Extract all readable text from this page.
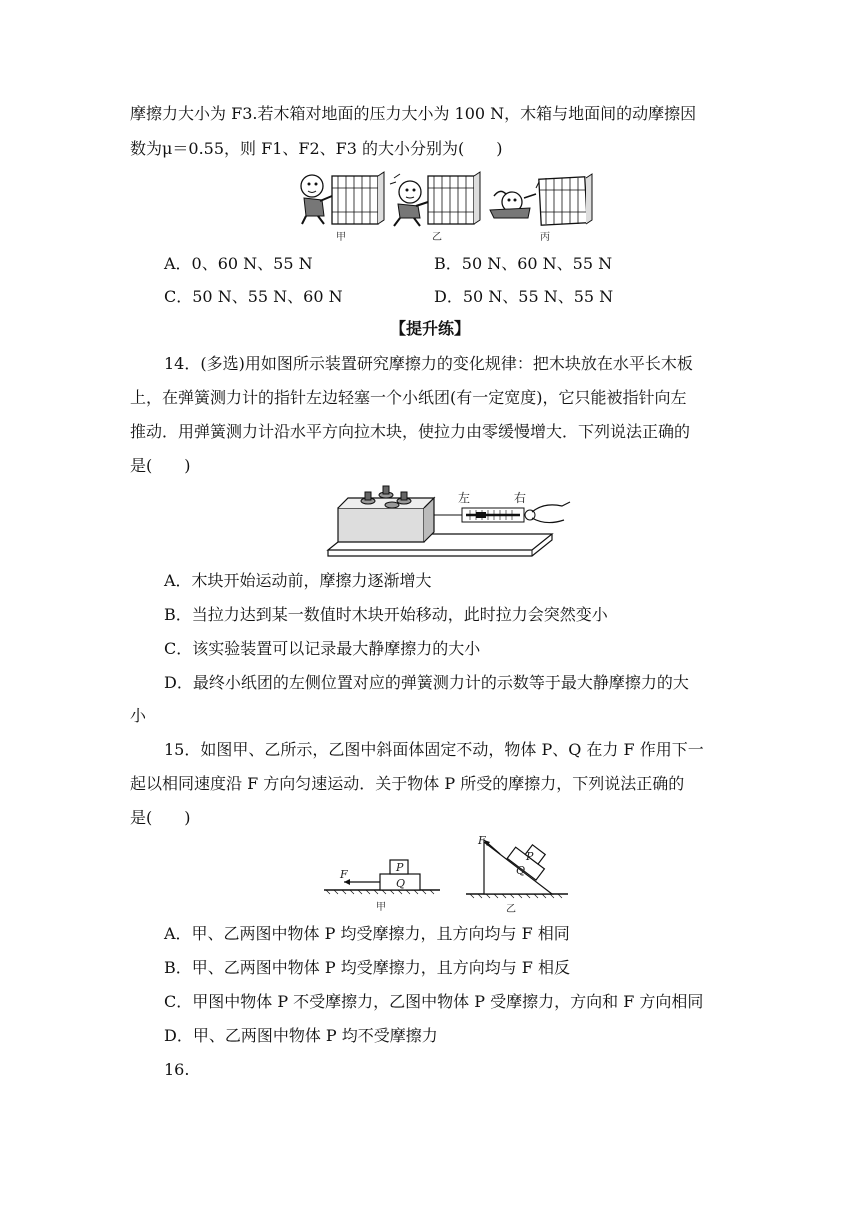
摩擦力大小为 F3.若木箱对地面的压力大小为 100 N，木箱与地面间的动摩擦因
数为μ＝0.55，则 F1、F2、F3 的大小分别为(　　)
甲	乙	丙
A．0、60 N、55 N	B．50 N、60 N、55 N
C．50 N、55 N、60 N	D．50 N、55 N、55 N
【提升练】
14．(多选)用如图所示装置研究摩擦力的变化规律：把木块放在水平长木板
上，在弹簧测力计的指针左边轻塞一个小纸团(有一定宽度)，它只能被指针向左
推动．用弹簧测力计沿水平方向拉木块，使拉力由零缓慢增大．下列说法正确的
是(　　)
左	右
A．木块开始运动前，摩擦力逐渐增大
B．当拉力达到某一数值时木块开始移动，此时拉力会突然变小
C．该实验装置可以记录最大静摩擦力的大小
D．最终小纸团的左侧位置对应的弹簧测力计的示数等于最大静摩擦力的大
小
15．如图甲、乙所示，乙图中斜面体固定不动，物体 P、Q 在力 F 作用下一
起以相同速度沿 F 方向匀速运动．关于物体 P 所受的摩擦力，下列说法正确的
是(　　)
F
P
Q
甲
F
P
Q
乙
A．甲、乙两图中物体 P 均受摩擦力，且方向均与 F 相同
B．甲、乙两图中物体 P 均受摩擦力，且方向均与 F 相反
C．甲图中物体 P 不受摩擦力，乙图中物体 P 受摩擦力，方向和 F 方向相同
D．甲、乙两图中物体 P 均不受摩擦力
16.
